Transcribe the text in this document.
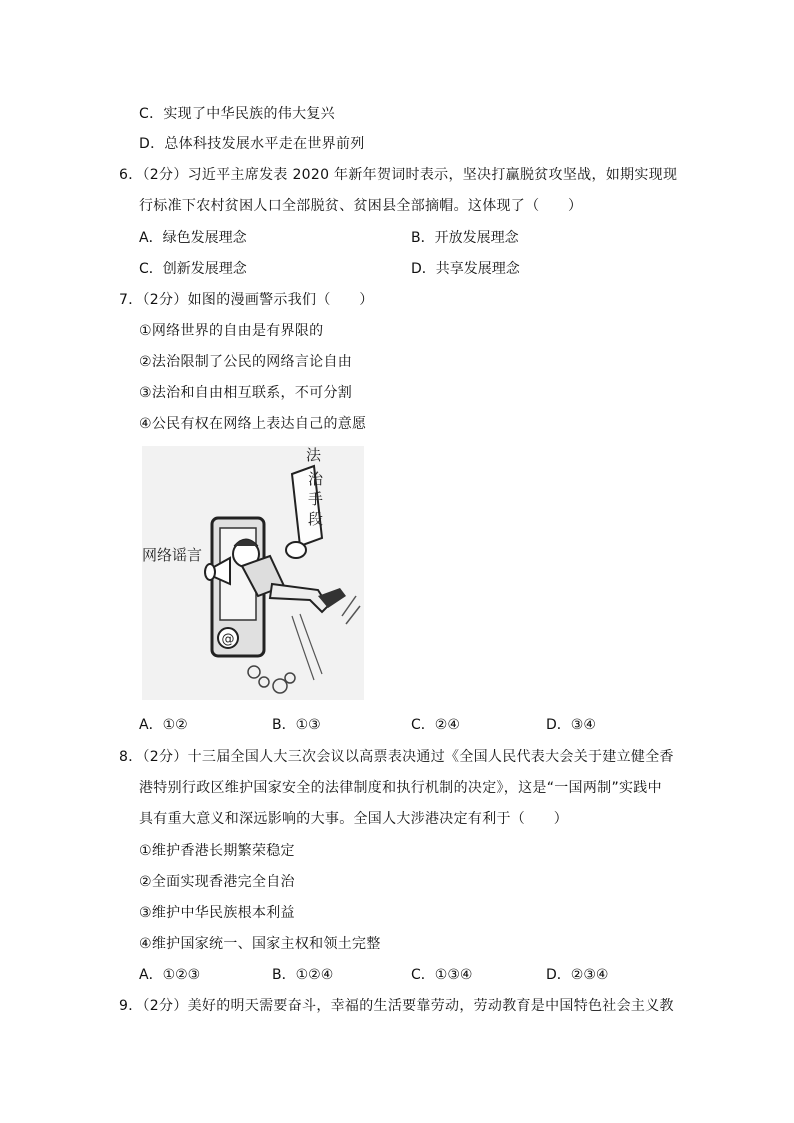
C．实现了中华民族的伟大复兴
D．总体科技发展水平走在世界前列
6．（2分）习近平主席发表 2020 年新年贺词时表示，坚决打赢脱贫攻坚战，如期实现现
行标准下农村贫困人口全部脱贫、贫困县全部摘帽。这体现了（　　）
A．绿色发展理念	B．开放发展理念
C．创新发展理念	D．共享发展理念
7．（2分）如图的漫画警示我们（　　）
①网络世界的自由是有界限的
②法治限制了公民的网络言论自由
③法治和自由相互联系，不可分割
④公民有权在网络上表达自己的意愿
@
法
治
手
段
网络谣言
A．①②	B．①③	C．②④	D．③④
8．（2分）十三届全国人大三次会议以高票表决通过《全国人民代表大会关于建立健全香
港特别行政区维护国家安全的法律制度和执行机制的决定》，这是“一国两制”实践中
具有重大意义和深远影响的大事。全国人大涉港决定有利于（　　）
①维护香港长期繁荣稳定
②全面实现香港完全自治
③维护中华民族根本利益
④维护国家统一、国家主权和领土完整
A．①②③	B．①②④	C．①③④	D．②③④
9．（2分）美好的明天需要奋斗，幸福的生活要靠劳动，劳动教育是中国特色社会主义教
